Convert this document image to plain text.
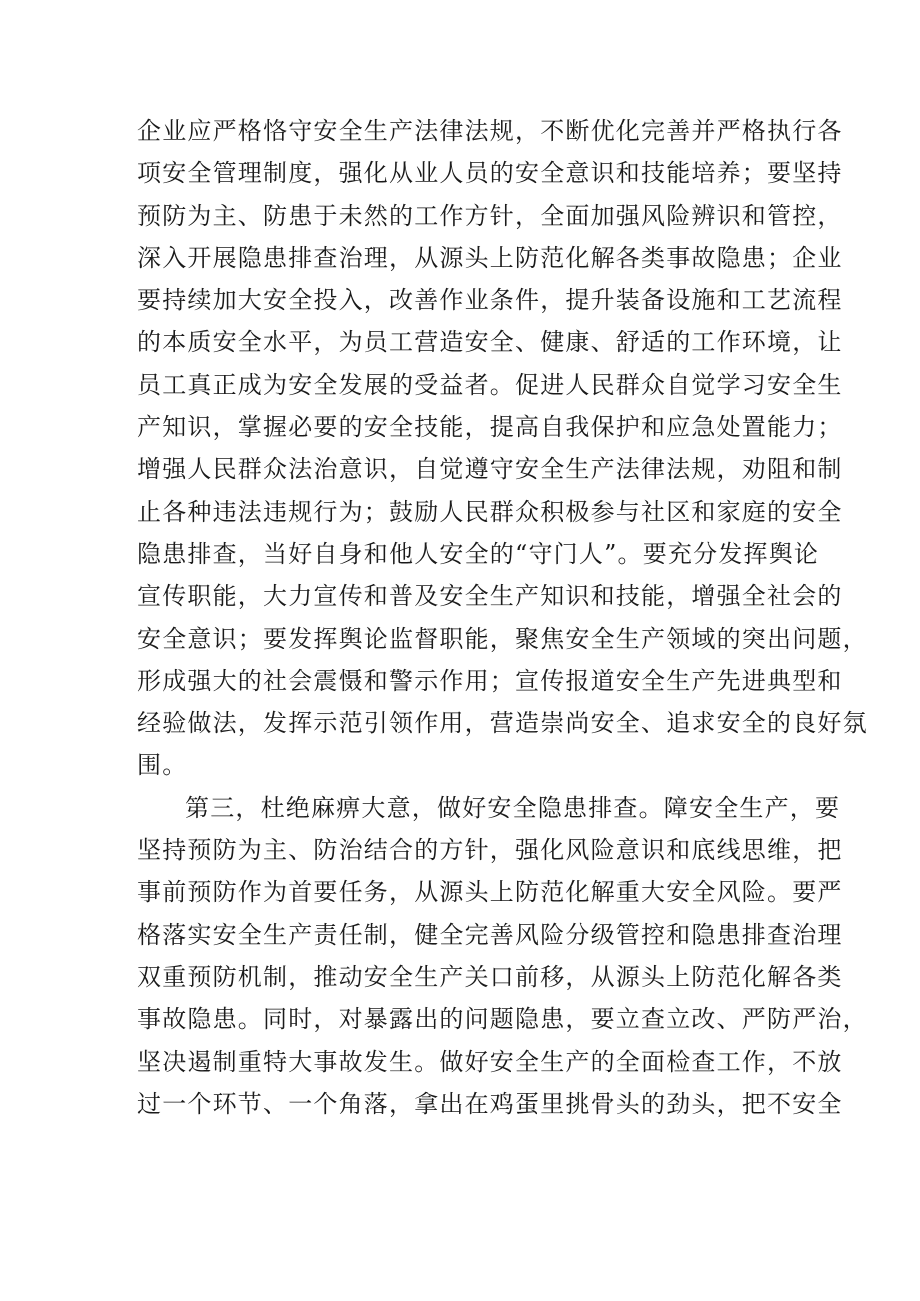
企业应严格恪守安全生产法律法规，不断优化完善并严格执行各
项安全管理制度，强化从业人员的安全意识和技能培养；要坚持
预防为主、防患于未然的工作方针，全面加强风险辨识和管控，
深入开展隐患排查治理，从源头上防范化解各类事故隐患；企业
要持续加大安全投入，改善作业条件，提升装备设施和工艺流程
的本质安全水平，为员工营造安全、健康、舒适的工作环境，让
员工真正成为安全发展的受益者。促进人民群众自觉学习安全生
产知识，掌握必要的安全技能，提高自我保护和应急处置能力；
增强人民群众法治意识，自觉遵守安全生产法律法规，劝阻和制
止各种违法违规行为；鼓励人民群众积极参与社区和家庭的安全
隐患排查，当好自身和他人安全的“守门人”。要充分发挥舆论
宣传职能，大力宣传和普及安全生产知识和技能，增强全社会的
安全意识；要发挥舆论监督职能，聚焦安全生产领域的突出问题，
形成强大的社会震慑和警示作用；宣传报道安全生产先进典型和
经验做法，发挥示范引领作用，营造崇尚安全、追求安全的良好氛
围。
第三，杜绝麻痹大意，做好安全隐患排查。障安全生产，要
坚持预防为主、防治结合的方针，强化风险意识和底线思维，把
事前预防作为首要任务，从源头上防范化解重大安全风险。要严
格落实安全生产责任制，健全完善风险分级管控和隐患排查治理
双重预防机制，推动安全生产关口前移，从源头上防范化解各类
事故隐患。同时，对暴露出的问题隐患，要立查立改、严防严治，
坚决遏制重特大事故发生。做好安全生产的全面检查工作，不放
过一个环节、一个角落，拿出在鸡蛋里挑骨头的劲头，把不安全
